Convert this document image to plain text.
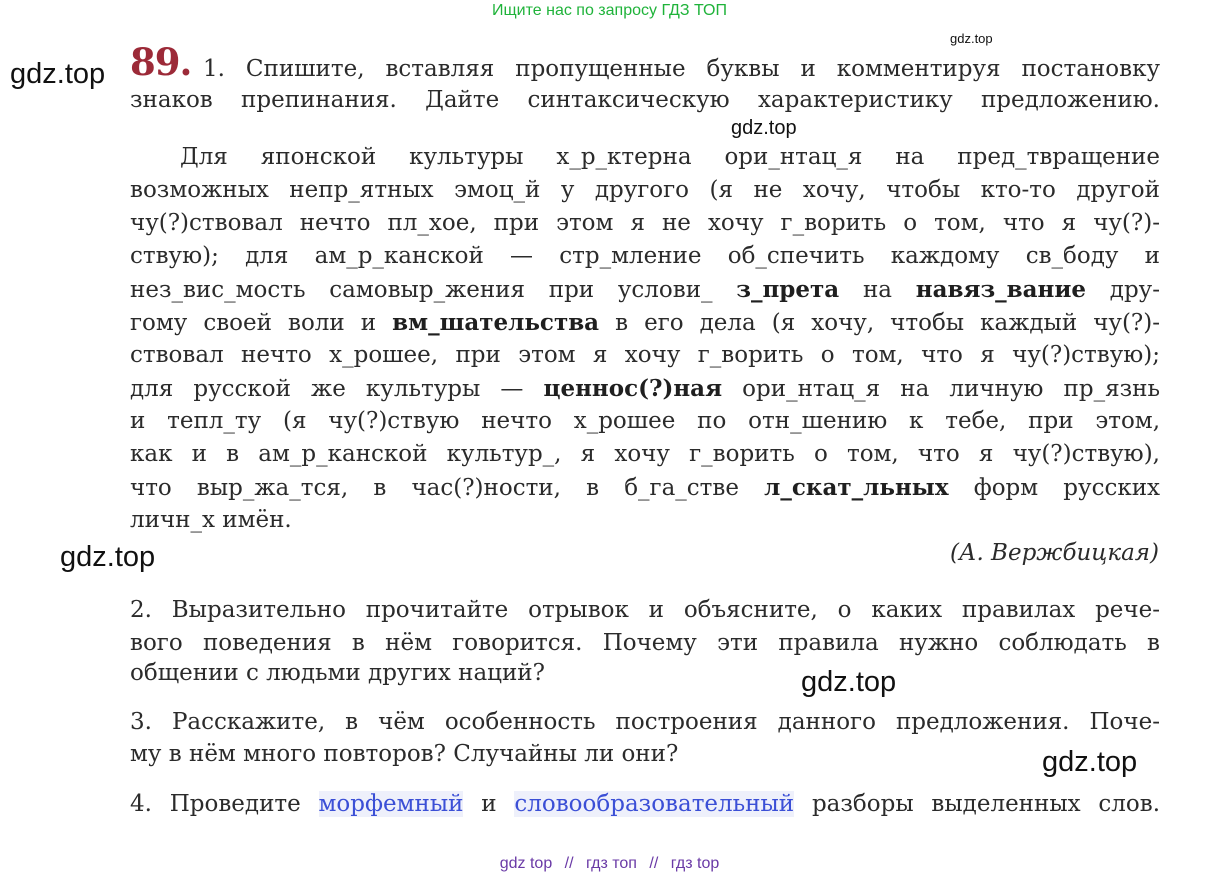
Ищите нас по запросу ГДЗ ТОП
gdz.top
gdz.top
gdz.top
gdz.top
gdz.top
gdz.top
89. 1. Спишите, вставляя пропущенные буквы и комментируя постановку
знаков препинания. Дайте синтаксическую характеристику предложению.
Для японской культуры х_р_ктерна ори_нтац_я на пред_твращение
возможных непр_ятных эмоц_й у другого (я не хочу, чтобы кто-то другой
чу(?)ствовал нечто пл_хое, при этом я не хочу г_ворить о том, что я чу(?)-
ствую); для ам_р_канской — стр_мление об_спечить каждому св_боду и
нез_вис_мость самовыр_жения при услови_ з_прета на навяз_вание дру-
гому своей воли и вм_шательства в его дела (я хочу, чтобы каждый чу(?)-
ствовал нечто х_рошее, при этом я хочу г_ворить о том, что я чу(?)ствую);
для русской же культуры — ценнос(?)ная ори_нтац_я на личную пр_язнь
и тепл_ту (я чу(?)ствую нечто х_рошее по отн_шению к тебе, при этом,
как и в ам_р_канской культур_, я хочу г_ворить о том, что я чу(?)ствую),
что выр_жа_тся, в час(?)ности, в б_га_стве л_скат_льных форм русских
личн_х имён.
(А. Вержбицкая)
2. Выразительно прочитайте отрывок и объясните, о каких правилах рече-
вого поведения в нём говорится. Почему эти правила нужно соблюдать в
общении с людьми других наций?
3. Расскажите, в чём особенность построения данного предложения. Поче-
му в нём много повторов? Случайны ли они?
4. Проведите морфемный и словообразовательный разборы выделенных слов.
gdz top // гдз топ // гдз top
